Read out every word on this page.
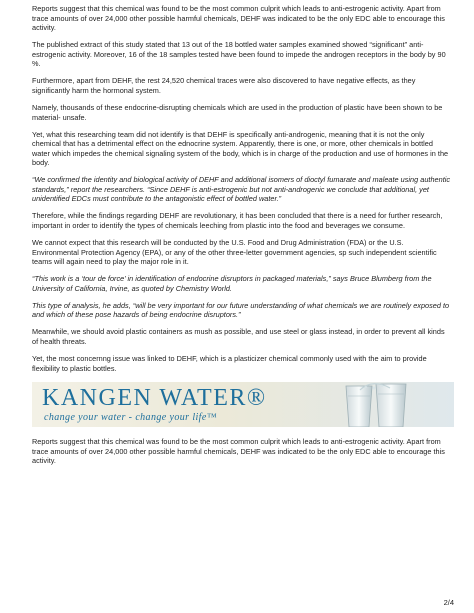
Reports suggest that this chemical was found to be the most common culprit which leads to anti-estrogenic activity. Apart from trace amounts of over 24,000 other possible harmful chemicals, DEHF was indicated to be the only EDC able to encourage this activity.

The published extract of this study stated that 13 out of the 18 bottled water samples examined showed “significant” anti-estrogenic activity. Moreover, 16 of the 18 samples tested have been found to impede the androgen receptors in the body by 90 %.

Furthermore, apart from DEHF, the rest 24,520 chemical traces were also discovered to have negative effects, as they significantly harm the hormonal system.

Namely, thousands of these endocrine-disrupting chemicals which are used in the production of plastic have been shown to be material- unsafe.

Yet, what this researching team did not identify is that DEHF is specifically anti-androgenic, meaning that it is not the only chemical that has a detrimental effect on the ednocrine system. Apparently, there is one, or more, other chemicals in bottled water which impedes the chemical signaling system of the body, which is in charge of the production and use of hormones in the body.

“We confirmed the identity and biological activity of DEHF and additional isomers of dioctyl fumarate and maleate using authentic standards,” report the researchers. “Since DEHF is anti-estrogenic but not anti-androgenic we conclude that additional, yet unidentified EDCs must contribute to the antagonistic effect of bottled water.”

Therefore, while the findings regarding DEHF are revolutionary, it has been concluded that there is a need for further research, important in order to identify the types of chemicals leeching from plastic into the food and beverages we consume.

We cannot expect that this research will be conducted by the U.S. Food and Drug Administration (FDA) or the U.S. Environmental Protection Agency (EPA), or any of the other three-letter government agencies, sp such independent scientific teams will again need to play the major role in it.

“This work is a ‘tour de force’ in identification of endocrine disruptors in packaged materials,” says Bruce Blumberg from the University of California, Irvine, as quoted by Chemistry World.

This type of analysis, he adds, “will be very important for our future understanding of what chemicals we are routinely exposed to and which of these pose hazards of being endocrine disruptors.”

Meanwhile, we should avoid plastic containers as mush as possible, and use steel or glass instead, in order to prevent all kinds of health threats.

Yet, the most concernng issue was linked to DEHF, which is a plasticizer chemical commonly used with the aim to provide flexibility to plastic bottles.

KANGEN WATER®
change your water - change your life™

Reports suggest that this chemical was found to be the most common culprit which leads to anti-estrogenic activity. Apart from trace amounts of over 24,000 other possible harmful chemicals, DEHF was indicated to be the only EDC able to encourage this activity.

2/4
